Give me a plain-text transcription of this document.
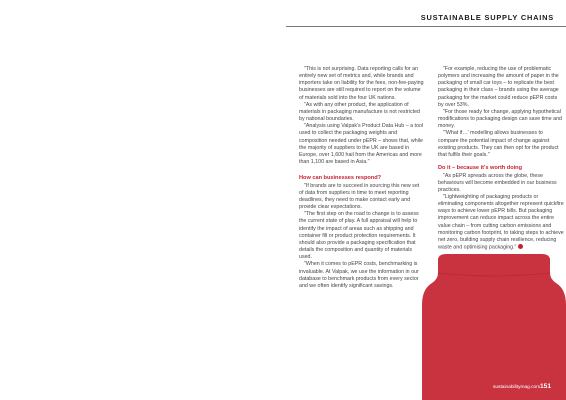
SUSTAINABLE SUPPLY CHAINS

"This is not surprising. Data reporting calls for an entirely new set of metrics and, while brands and importers take on liability for the fees, non-fee-paying businesses are still required to report on the volume of materials sold into the four UK nations.

"As with any other product, the application of materials in packaging manufacture is not restricted by national boundaries.

"Analysis using Valpak's Product Data Hub – a tool used to collect the packaging weights and composition needed under pEPR – shows that, while the majority of suppliers to the UK are based in Europe, over 1,600 hail from the Americas and more than 1,100 are based in Asia."

How can businesses respond?

"If brands are to succeed in sourcing this new set of data from suppliers in time to meet reporting deadlines, they need to make contact early and provide clear expectations.

"The first step on the road to change is to assess the current state of play. A full appraisal will help to identify the impact of areas such as shipping and container fill or product protection requirements. It should also provide a packaging specification that details the composition and quantity of materials used.

"When it comes to pEPR costs, benchmarking is invaluable. At Valpak, we use the information in our database to benchmark products from every sector and we often identify significant savings.

"For example, reducing the use of problematic polymers and increasing the amount of paper in the packaging of small car toys – to replicate the best packaging in their class – brands using the average packaging for the market could reduce pEPR costs by over 53%.

"For those ready for change, applying hypothetical modifications to packaging design can save time and money.

"'What if…' modelling allows businesses to compare the potential impact of change against existing products. They can then opt for the product that fulfils their goals."

Do it – because it's worth doing

"As pEPR spreads across the globe, these behaviours will become embedded in our business practices.

"Lightweighting of packaging products or eliminating components altogether represent quickfire ways to achieve lower pEPR bills. But packaging improvement can reduce impact across the entire value chain – from cutting carbon emissions and monitoring carbon footprint, to taking steps to achieve net zero, building supply chain resilience, reducing waste and optimising packaging."

sustainabilitymag.com 151
